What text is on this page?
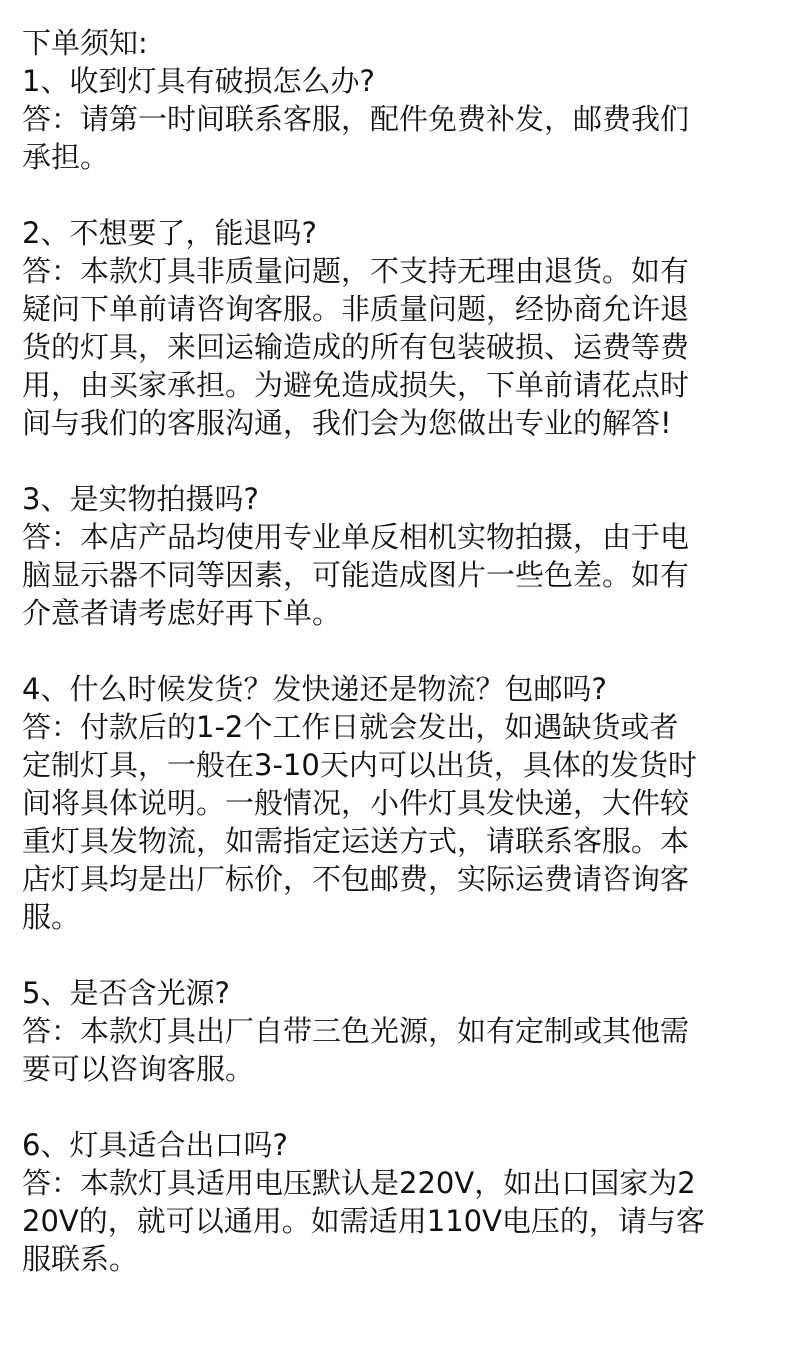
下单须知:
1、收到灯具有破损怎么办?
答：请第一时间联系客服，配件免费补发，邮费我们
承担。
2、不想要了，能退吗?
答：本款灯具非质量问题，不支持无理由退货。如有
疑问下单前请咨询客服。非质量问题，经协商允许退
货的灯具，来回运输造成的所有包装破损、运费等费
用，由买家承担。为避免造成损失，下单前请花点时
间与我们的客服沟通，我们会为您做出专业的解答!
3、是实物拍摄吗?
答：本店产品均使用专业单反相机实物拍摄，由于电
脑显示器不同等因素，可能造成图片一些色差。如有
介意者请考虑好再下单。
4、什么时候发货？发快递还是物流？包邮吗?
答：付款后的1-2个工作日就会发出，如遇缺货或者
定制灯具，一般在3-10天内可以出货，具体的发货时
间将具体说明。一般情况，小件灯具发快递，大件较
重灯具发物流，如需指定运送方式，请联系客服。本
店灯具均是出厂标价，不包邮费，实际运费请咨询客
服。
5、是否含光源?
答：本款灯具出厂自带三色光源，如有定制或其他需
要可以咨询客服。
6、灯具适合出口吗?
答：本款灯具适用电压默认是220V，如出口国家为2
20V的，就可以通用。如需适用110V电压的，请与客
服联系。
